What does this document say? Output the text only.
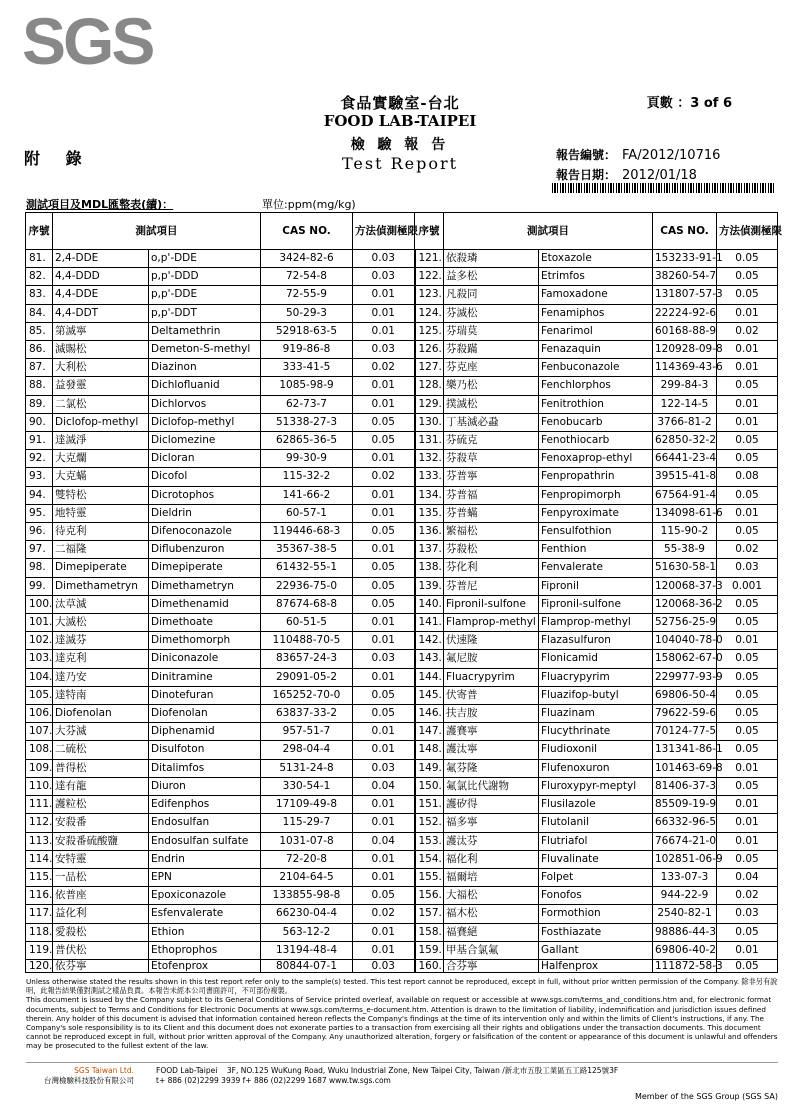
SGS
食品實驗室-台北
FOOD LAB-TAIPEI
檢 驗 報 告
Test Report
頁數 ：3 of 6
附 錄	報告編號： FA/2012/10716
報告日期： 2012/01/18
測試項目及MDL匯整表(續)：	單位:ppm(mg/kg)
序號	測試項目		CAS NO.	方法偵測極限	序號	測試項目		CAS NO.	方法偵測極限
81.	2,4-DDE	o,p'-DDE	3424-82-6	0.03	121.	依殺璘	Etoxazole	153233-91-1	0.05
82.	4,4-DDD	p,p'-DDD	72-54-8	0.03	122.	益多松	Etrimfos	38260-54-7	0.05
83.	4,4-DDE	p,p'-DDE	72-55-9	0.01	123.	凡殺同	Famoxadone	131807-57-3	0.05
84.	4,4-DDT	p,p'-DDT	50-29-3	0.01	124.	芬滅松	Fenamiphos	22224-92-6	0.01
85.	第滅寧	Deltamethrin	52918-63-5	0.01	125.	芬瑞莫	Fenarimol	60168-88-9	0.02
86.	滅賜松	Demeton-S-methyl	919-86-8	0.03	126.	芬殺蹣	Fenazaquin	120928-09-8	0.01
87.	大利松	Diazinon	333-41-5	0.02	127.	芬克座	Fenbuconazole	114369-43-6	0.01
88.	益發靈	Dichlofluanid	1085-98-9	0.01	128.	樂乃松	Fenchlorphos	299-84-3	0.05
89.	二氯松	Dichlorvos	62-73-7	0.01	129.	撲滅松	Fenitrothion	122-14-5	0.01
90.	Diclofop-methyl	Diclofop-methyl	51338-27-3	0.05	130.	丁基滅必蝨	Fenobucarb	3766-81-2	0.01
91.	達滅淨	Diclomezine	62865-36-5	0.05	131.	芬硫克	Fenothiocarb	62850-32-2	0.05
92.	大克爛	Dicloran	99-30-9	0.01	132.	芬殺草	Fenoxaprop-ethyl	66441-23-4	0.05
93.	大克蟎	Dicofol	115-32-2	0.02	133.	芬普寧	Fenpropathrin	39515-41-8	0.08
94.	雙特松	Dicrotophos	141-66-2	0.01	134.	芬普福	Fenpropimorph	67564-91-4	0.05
95.	地特靈	Dieldrin	60-57-1	0.01	135.	芬普蟎	Fenpyroximate	134098-61-6	0.01
96.	待克利	Difenoconazole	119446-68-3	0.05	136.	繁福松	Fensulfothion	115-90-2	0.05
97.	二福隆	Diflubenzuron	35367-38-5	0.01	137.	芬殺松	Fenthion	55-38-9	0.02
98.	Dimepiperate	Dimepiperate	61432-55-1	0.05	138.	芬化利	Fenvalerate	51630-58-1	0.03
99.	Dimethametryn	Dimethametryn	22936-75-0	0.05	139.	芬普尼	Fipronil	120068-37-3	0.001
100.	汰草滅	Dimethenamid	87674-68-8	0.05	140.	Fipronil-sulfone	Fipronil-sulfone	120068-36-2	0.05
101.	大滅松	Dimethoate	60-51-5	0.01	141.	Flamprop-methyl	Flamprop-methyl	52756-25-9	0.05
102.	達滅芬	Dimethomorph	110488-70-5	0.01	142.	伏速隆	Flazasulfuron	104040-78-0	0.01
103.	達克利	Diniconazole	83657-24-3	0.03	143.	氟尼胺	Flonicamid	158062-67-0	0.05
104.	達乃安	Dinitramine	29091-05-2	0.01	144.	Fluacrypyrim	Fluacrypyrim	229977-93-9	0.05
105.	達特南	Dinotefuran	165252-70-0	0.05	145.	伏寄普	Fluazifop-butyl	69806-50-4	0.05
106.	Diofenolan	Diofenolan	63837-33-2	0.05	146.	扶吉胺	Fluazinam	79622-59-6	0.05
107.	大芬滅	Diphenamid	957-51-7	0.01	147.	護賽寧	Flucythrinate	70124-77-5	0.05
108.	二硫松	Disulfoton	298-04-4	0.01	148.	護汰寧	Fludioxonil	131341-86-1	0.05
109.	普得松	Ditalimfos	5131-24-8	0.03	149.	氟芬隆	Flufenoxuron	101463-69-8	0.01
110.	達有龍	Diuron	330-54-1	0.04	150.	氟氯比代謝物	Fluroxypyr-meptyl	81406-37-3	0.05
111.	護粒松	Edifenphos	17109-49-8	0.01	151.	護矽得	Flusilazole	85509-19-9	0.01
112.	安殺番	Endosulfan	115-29-7	0.01	152.	福多寧	Flutolanil	66332-96-5	0.01
113.	安殺番硫酸鹽	Endosulfan sulfate	1031-07-8	0.04	153.	護汰芬	Flutriafol	76674-21-0	0.01
114.	安特靈	Endrin	72-20-8	0.01	154.	福化利	Fluvalinate	102851-06-9	0.05
115.	一品松	EPN	2104-64-5	0.01	155.	福爾培	Folpet	133-07-3	0.04
116.	依普座	Epoxiconazole	133855-98-8	0.05	156.	大福松	Fonofos	944-22-9	0.02
117.	益化利	Esfenvalerate	66230-04-4	0.02	157.	福木松	Formothion	2540-82-1	0.03
118.	愛殺松	Ethion	563-12-2	0.01	158.	福賽絕	Fosthiazate	98886-44-3	0.05
119.	普伏松	Ethoprophos	13194-48-4	0.01	159.	甲基合氯氟	Gallant	69806-40-2	0.01
120.	依芬寧	Etofenprox	80844-07-1	0.03	160.	合芬寧	Halfenprox	111872-58-3	0.05

Unless otherwise stated the results shown in this test report refer only to the sample(s) tested. This test report cannot be reproduced, except in full, without prior written permission of the Company. 除非另有說明，此報告結果僅對測試之樣品負責。本報告未經本公司書面許可，不可部份複製。

This document is issued by the Company subject to its General Conditions of Service printed overleaf, available on request or accessible at www.sgs.com/terms_and_conditions.htm and, for electronic format documents, subject to Terms and Conditions for Electronic Documents at www.sgs.com/terms_e-document.htm. Attention is drawn to the limitation of liability, indemnification and jurisdiction issues defined therein. Any holder of this document is advised that information contained hereon reflects the Company's findings at the time of its intervention only and within the limits of Client's instructions, if any. The Company's sole responsibility is to its Client and this document does not exonerate parties to a transaction from exercising all their rights and obligations under the transaction documents. This document cannot be reproduced except in full, without prior written approval of the Company. Any unauthorized alteration, forgery or falsification of the content or appearance of this document is unlawful and offenders may be prosecuted to the fullest extent of the law.

SGS Taiwan Ltd.
台灣檢驗科技股份有限公司
FOOD Lab-Taipei 3F, NO.125 WuKung Road, Wuku Industrial Zone, New Taipei City, Taiwan /新北市五股工業區五工路125號3F
t+ 886 (02)2299 3939 f+ 886 (02)2299 1687 www.tw.sgs.com
Member of the SGS Group (SGS SA)
